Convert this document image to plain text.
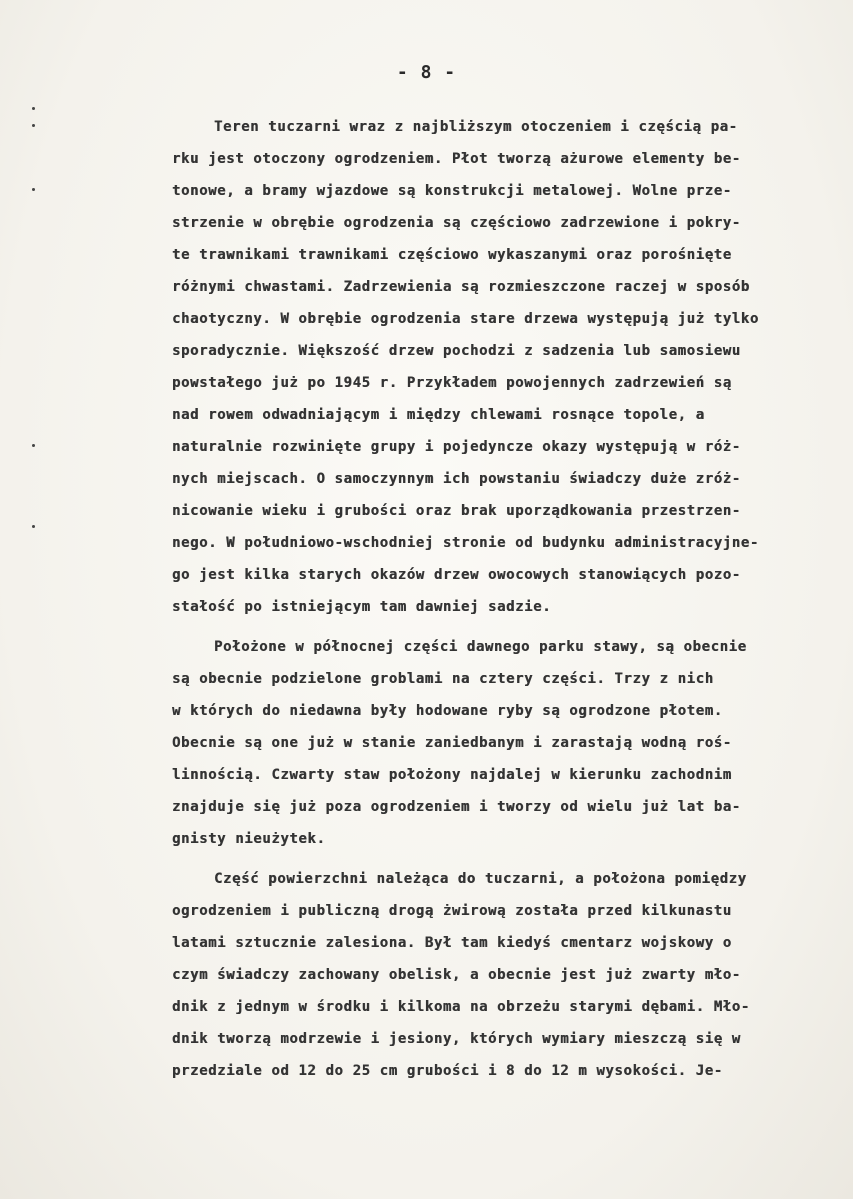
- 8 -
Teren tuczarni wraz z najbliższym otoczeniem i częścią pa-
rku jest otoczony ogrodzeniem. Płot tworzą ażurowe elementy be-
tonowe, a bramy wjazdowe są konstrukcji metalowej. Wolne prze-
strzenie w obrębie ogrodzenia są częściowo zadrzewione i pokry-
te trawnikami trawnikami częściowo wykaszanymi oraz porośnięte
różnymi chwastami. Zadrzewienia są rozmieszczone raczej w sposób
chaotyczny. W obrębie ogrodzenia stare drzewa występują już tylko
sporadycznie. Większość drzew pochodzi z sadzenia lub samosiewu
powstałego już po 1945 r. Przykładem powojennych zadrzewień są
nad rowem odwadniającym i między chlewami rosnące topole, a
naturalnie rozwinięte grupy i pojedyncze okazy występują w róż-
nych miejscach. O samoczynnym ich powstaniu świadczy duże zróż-
nicowanie wieku i grubości oraz brak uporządkowania przestrzen-
nego. W południowo-wschodniej stronie od budynku administracyjne-
go jest kilka starych okazów drzew owocowych stanowiących pozo-
stałość po istniejącym tam dawniej sadzie.
Położone w północnej części dawnego parku stawy, są obecnie
są obecnie podzielone groblami na cztery części. Trzy z nich
w których do niedawna były hodowane ryby są ogrodzone płotem.
Obecnie są one już w stanie zaniedbanym i zarastają wodną roś-
linnością. Czwarty staw położony najdalej w kierunku zachodnim
znajduje się już poza ogrodzeniem i tworzy od wielu już lat ba-
gnisty nieużytek.
Część powierzchni należąca do tuczarni, a położona pomiędzy
ogrodzeniem i publiczną drogą żwirową została przed kilkunastu
latami sztucznie zalesiona. Był tam kiedyś cmentarz wojskowy o
czym świadczy zachowany obelisk, a obecnie jest już zwarty mło-
dnik z jednym w środku i kilkoma na obrzeżu starymi dębami. Mło-
dnik tworzą modrzewie i jesiony, których wymiary mieszczą się w
przedziale od 12 do 25 cm grubości i 8 do 12 m wysokości. Je-
